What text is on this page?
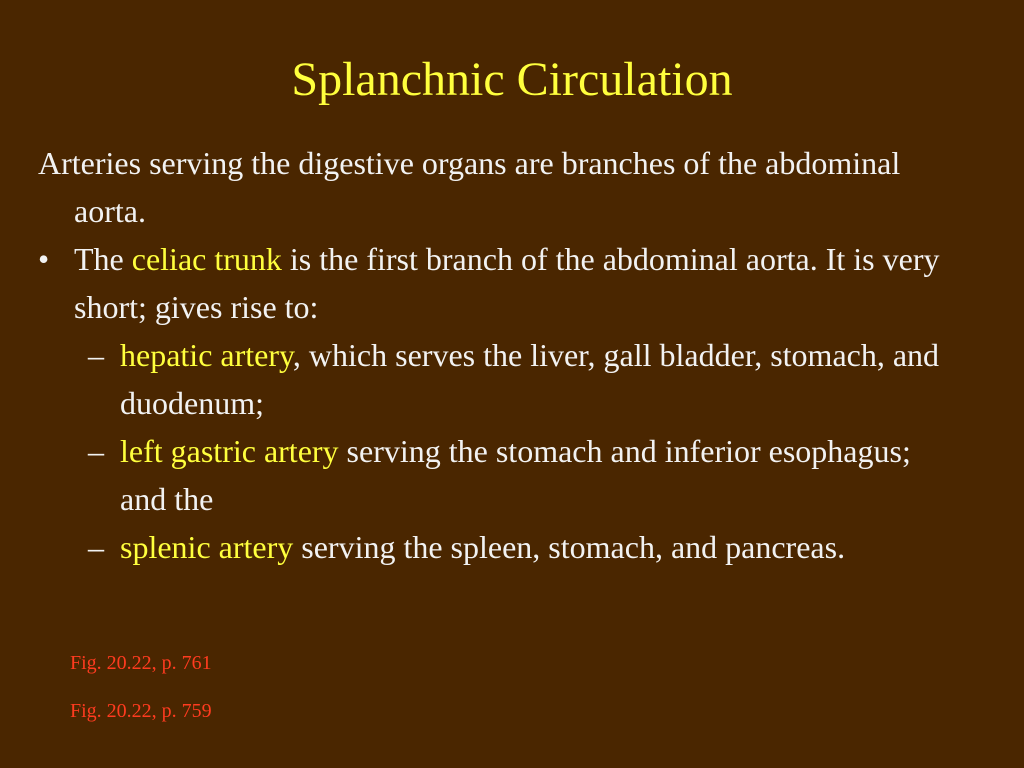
Splanchnic Circulation

Arteries serving the digestive organs are branches of the abdominal aorta.

• The celiac trunk is the first branch of the abdominal aorta. It is very short; gives rise to:

– hepatic artery, which serves the liver, gall bladder, stomach, and duodenum;

– left gastric artery serving the stomach and inferior esophagus; and the

– splenic artery serving the spleen, stomach, and pancreas.

Fig. 20.22, p. 761
Fig. 20.22, p. 759
